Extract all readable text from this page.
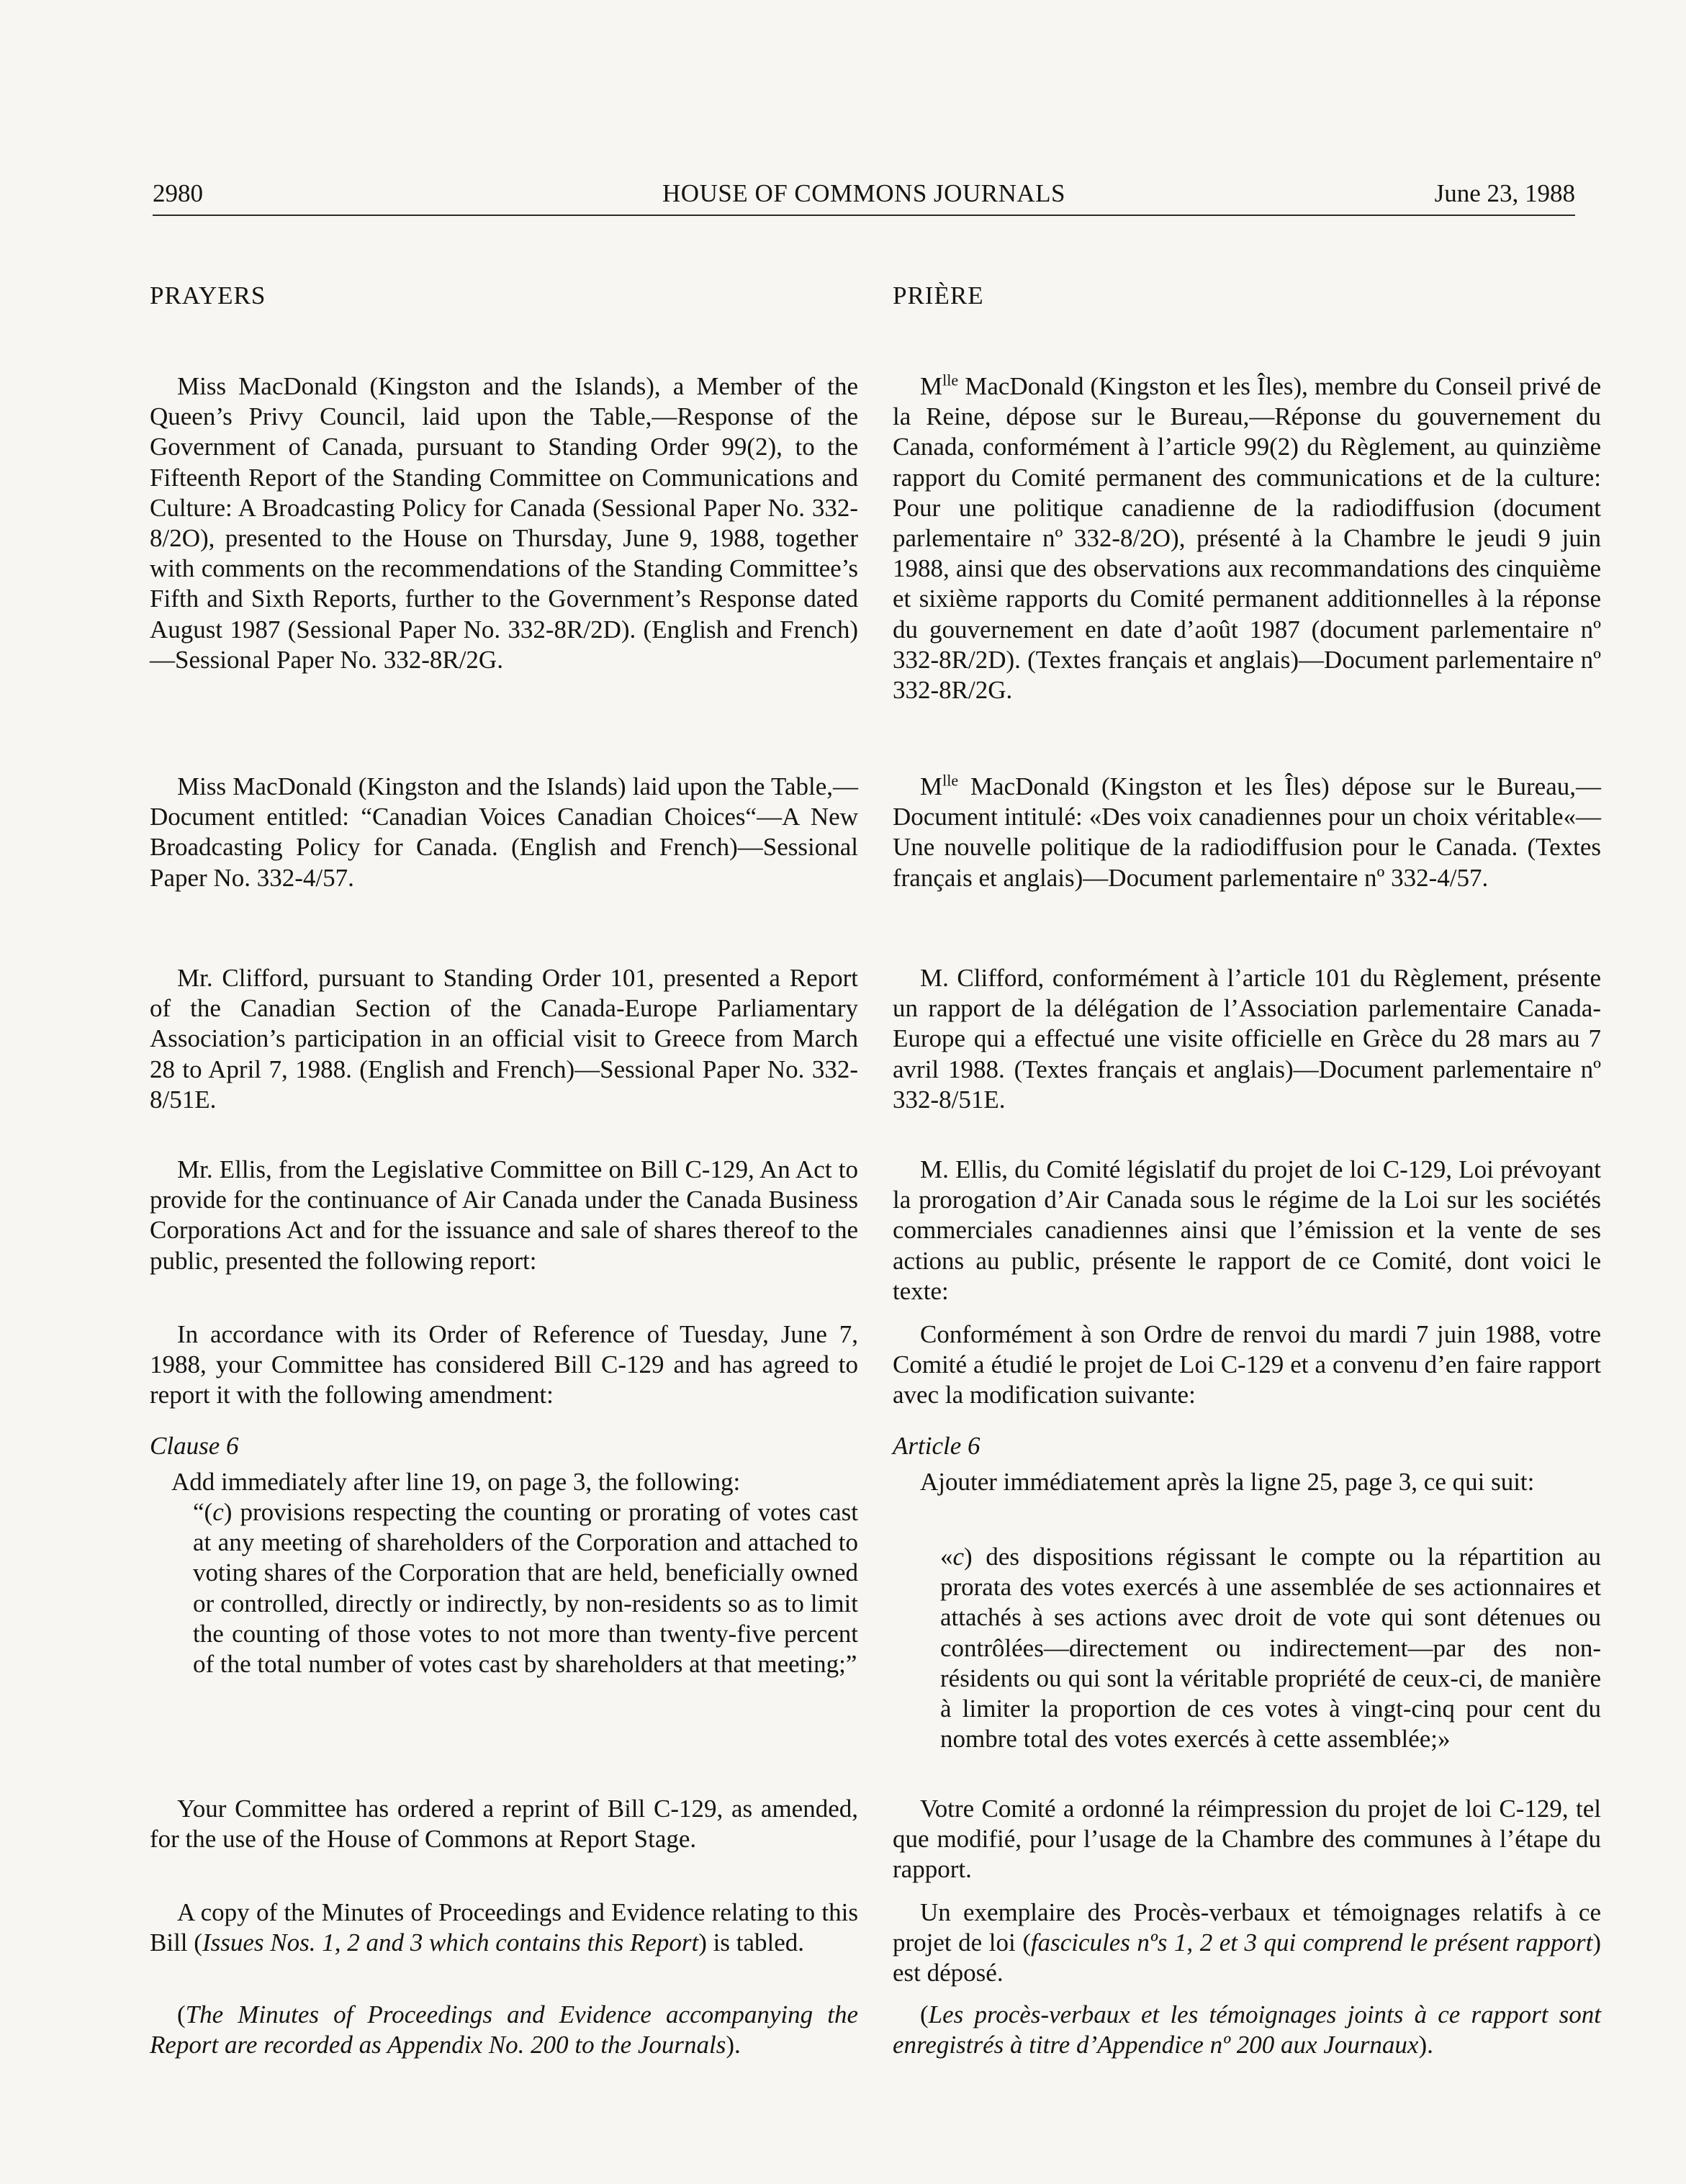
2980	HOUSE OF COMMONS JOURNALS	June 23, 1988
PRAYERS

Miss MacDonald (Kingston and the Islands), a Member of the Queen’s Privy Council, laid upon the Table,—Response of the Government of Canada, pursuant to Standing Order 99(2), to the Fifteenth Report of the Standing Committee on Communications and Culture: A Broadcasting Policy for Canada (Sessional Paper No. 332-8/2O), presented to the House on Thursday, June 9, 1988, together with comments on the recommendations of the Standing Committee’s Fifth and Sixth Reports, further to the Government’s Response dated August 1987 (Sessional Paper No. 332-8R/2D). (English and French)—Sessional Paper No. 332-8R/2G.

Miss MacDonald (Kingston and the Islands) laid upon the Table,—Document entitled: “Canadian Voices Canadian Choices“—A New Broadcasting Policy for Canada. (English and French)—Sessional Paper No. 332-4/57.

Mr. Clifford, pursuant to Standing Order 101, presented a Report of the Canadian Section of the Canada-Europe Parliamentary Association’s participation in an official visit to Greece from March 28 to April 7, 1988. (English and French)—Sessional Paper No. 332-8/51E.

Mr. Ellis, from the Legislative Committee on Bill C-129, An Act to provide for the continuance of Air Canada under the Canada Business Corporations Act and for the issuance and sale of shares thereof to the public, presented the following report:

In accordance with its Order of Reference of Tuesday, June 7, 1988, your Committee has considered Bill C-129 and has agreed to report it with the following amendment:

Clause 6

Add immediately after line 19, on page 3, the following:

“(c) provisions respecting the counting or prorating of votes cast at any meeting of shareholders of the Corporation and attached to voting shares of the Corporation that are held, beneficially owned or controlled, directly or indirectly, by non-residents so as to limit the counting of those votes to not more than twenty-five percent of the total number of votes cast by shareholders at that meeting;”

Your Committee has ordered a reprint of Bill C-129, as amended, for the use of the House of Commons at Report Stage.

A copy of the Minutes of Proceedings and Evidence relating to this Bill (Issues Nos. 1, 2 and 3 which contains this Report) is tabled.

(The Minutes of Proceedings and Evidence accompanying the Report are recorded as Appendix No. 200 to the Journals).

PRIÈRE

$M^{lle}$ MacDonald (Kingston et les Îles), membre du Conseil privé de la Reine, dépose sur le Bureau,—Réponse du gouvernement du Canada, conformément à l’article 99(2) du Règlement, au quinzième rapport du Comité permanent des communications et de la culture: Pour une politique canadienne de la radiodiffusion (document parlementaire nº 332-8/2O), présenté à la Chambre le jeudi 9 juin 1988, ainsi que des observations aux recommandations des cinquième et sixième rapports du Comité permanent additionnelles à la réponse du gouvernement en date d’août 1987 (document parlementaire nº 332-8R/2D). (Textes français et anglais)—Document parlementaire nº 332-8R/2G.

$M^{lle}$ MacDonald (Kingston et les Îles) dépose sur le Bureau,—Document intitulé: «Des voix canadiennes pour un choix véritable«—Une nouvelle politique de la radiodiffusion pour le Canada. (Textes français et anglais)—Document parlementaire nº 332-4/57.

M. Clifford, conformément à l’article 101 du Règlement, présente un rapport de la délégation de l’Association parlementaire Canada-Europe qui a effectué une visite officielle en Grèce du 28 mars au 7 avril 1988. (Textes français et anglais)—Document parlementaire nº 332-8/51E.

M. Ellis, du Comité législatif du projet de loi C-129, Loi prévoyant la prorogation d’Air Canada sous le régime de la Loi sur les sociétés commerciales canadiennes ainsi que l’émission et la vente de ses actions au public, présente le rapport de ce Comité, dont voici le texte:

Conformément à son Ordre de renvoi du mardi 7 juin 1988, votre Comité a étudié le projet de Loi C-129 et a convenu d’en faire rapport avec la modification suivante:

Article 6

Ajouter immédiatement après la ligne 25, page 3, ce qui suit:

«c) des dispositions régissant le compte ou la répartition au prorata des votes exercés à une assemblée de ses actionnaires et attachés à ses actions avec droit de vote qui sont détenues ou contrôlées—directement ou indirectement—par des non-résidents ou qui sont la véritable propriété de ceux-ci, de manière à limiter la proportion de ces votes à vingt-cinq pour cent du nombre total des votes exercés à cette assemblée;»

Votre Comité a ordonné la réimpression du projet de loi C-129, tel que modifié, pour l’usage de la Chambre des communes à l’étape du rapport.

Un exemplaire des Procès-verbaux et témoignages relatifs à ce projet de loi (fascicules nºs 1, 2 et 3 qui comprend le présent rapport) est déposé.

(Les procès-verbaux et les témoignages joints à ce rapport sont enregistrés à titre d’Appendice nº 200 aux Journaux).
